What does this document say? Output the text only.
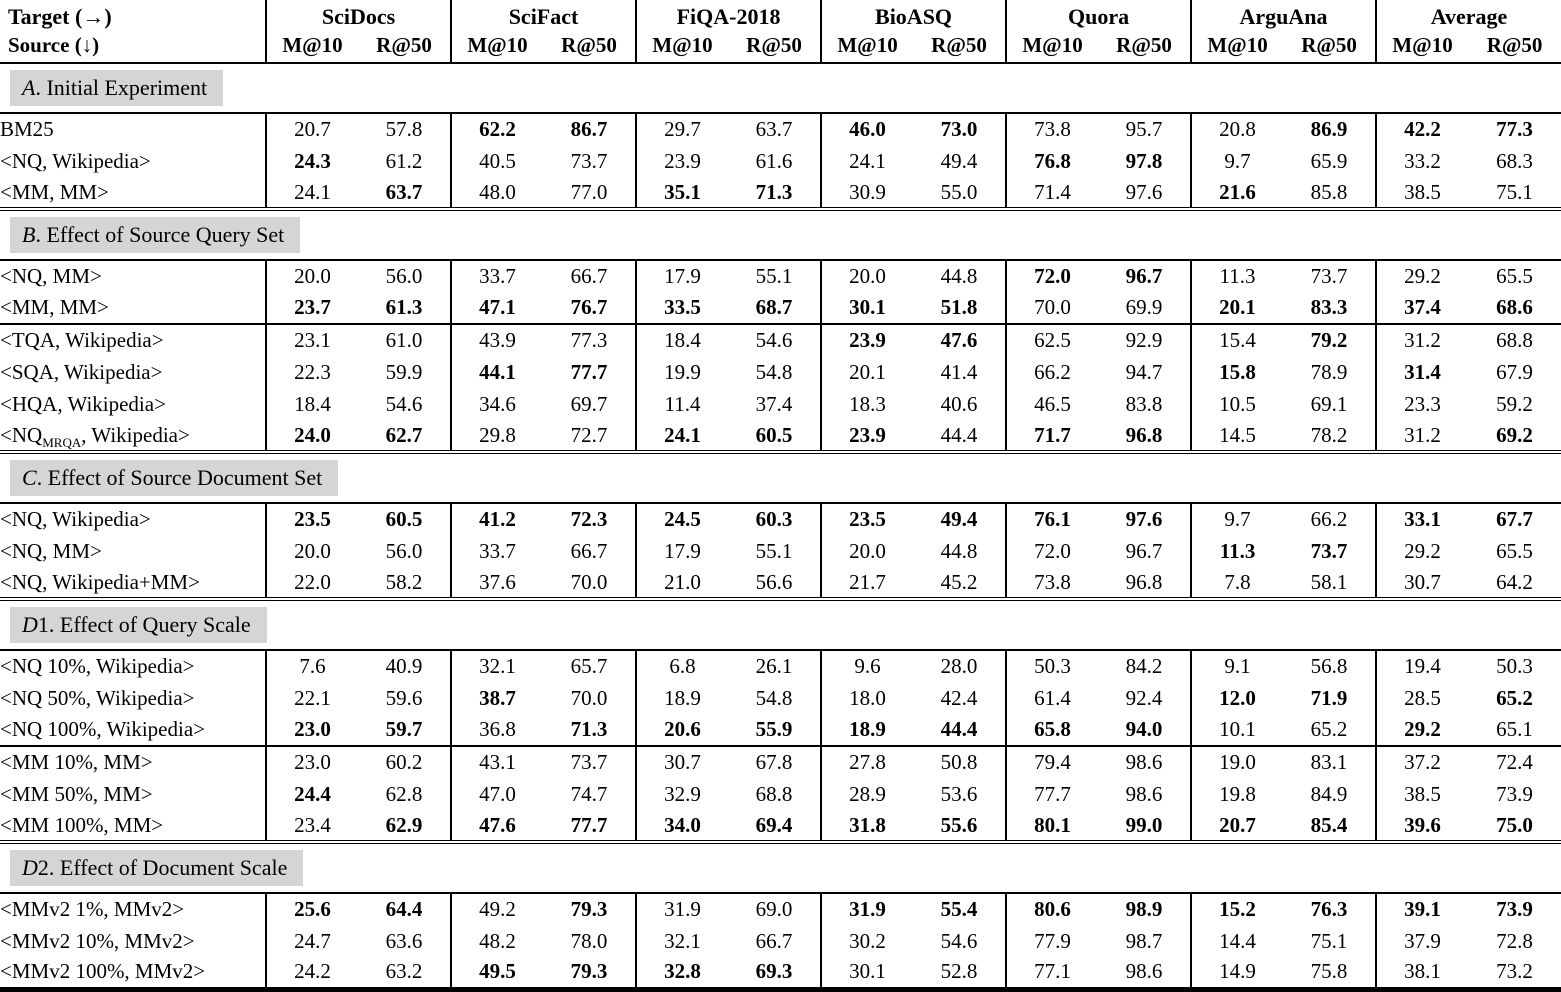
Target (→)	SciDocs		SciFact		FiQA-2018		BioASQ		Quora		ArguAna		Average	
Source (↓)	M@10	R@50	M@10	R@50	M@10	R@50	M@10	R@50	M@10	R@50	M@10	R@50	M@10	R@50
A. Initial Experiment														
BM25	20.7	57.8	62.2	86.7	29.7	63.7	46.0	73.0	73.8	95.7	20.8	86.9	42.2	77.3
<NQ, Wikipedia>	24.3	61.2	40.5	73.7	23.9	61.6	24.1	49.4	76.8	97.8	9.7	65.9	33.2	68.3
<MM, MM>	24.1	63.7	48.0	77.0	35.1	71.3	30.9	55.0	71.4	97.6	21.6	85.8	38.5	75.1
B. Effect of Source Query Set														
<NQ, MM>	20.0	56.0	33.7	66.7	17.9	55.1	20.0	44.8	72.0	96.7	11.3	73.7	29.2	65.5
<MM, MM>	23.7	61.3	47.1	76.7	33.5	68.7	30.1	51.8	70.0	69.9	20.1	83.3	37.4	68.6
<TQA, Wikipedia>	23.1	61.0	43.9	77.3	18.4	54.6	23.9	47.6	62.5	92.9	15.4	79.2	31.2	68.8
<SQA, Wikipedia>	22.3	59.9	44.1	77.7	19.9	54.8	20.1	41.4	66.2	94.7	15.8	78.9	31.4	67.9
<HQA, Wikipedia>	18.4	54.6	34.6	69.7	11.4	37.4	18.3	40.6	46.5	83.8	10.5	69.1	23.3	59.2
$<NQ_{MRQA}$, Wikipedia>	24.0	62.7	29.8	72.7	24.1	60.5	23.9	44.4	71.7	96.8	14.5	78.2	31.2	69.2
C. Effect of Source Document Set														
<NQ, Wikipedia>	23.5	60.5	41.2	72.3	24.5	60.3	23.5	49.4	76.1	97.6	9.7	66.2	33.1	67.7
<NQ, MM>	20.0	56.0	33.7	66.7	17.9	55.1	20.0	44.8	72.0	96.7	11.3	73.7	29.2	65.5
<NQ, Wikipedia+MM>	22.0	58.2	37.6	70.0	21.0	56.6	21.7	45.2	73.8	96.8	7.8	58.1	30.7	64.2
D1. Effect of Query Scale														
<NQ 10%, Wikipedia>	7.6	40.9	32.1	65.7	6.8	26.1	9.6	28.0	50.3	84.2	9.1	56.8	19.4	50.3
<NQ 50%, Wikipedia>	22.1	59.6	38.7	70.0	18.9	54.8	18.0	42.4	61.4	92.4	12.0	71.9	28.5	65.2
<NQ 100%, Wikipedia>	23.0	59.7	36.8	71.3	20.6	55.9	18.9	44.4	65.8	94.0	10.1	65.2	29.2	65.1
<MM 10%, MM>	23.0	60.2	43.1	73.7	30.7	67.8	27.8	50.8	79.4	98.6	19.0	83.1	37.2	72.4
<MM 50%, MM>	24.4	62.8	47.0	74.7	32.9	68.8	28.9	53.6	77.7	98.6	19.8	84.9	38.5	73.9
<MM 100%, MM>	23.4	62.9	47.6	77.7	34.0	69.4	31.8	55.6	80.1	99.0	20.7	85.4	39.6	75.0
D2. Effect of Document Scale														
<MMv2 1%, MMv2>	25.6	64.4	49.2	79.3	31.9	69.0	31.9	55.4	80.6	98.9	15.2	76.3	39.1	73.9
<MMv2 10%, MMv2>	24.7	63.6	48.2	78.0	32.1	66.7	30.2	54.6	77.9	98.7	14.4	75.1	37.9	72.8
<MMv2 100%, MMv2>	24.2	63.2	49.5	79.3	32.8	69.3	30.1	52.8	77.1	98.6	14.9	75.8	38.1	73.2
